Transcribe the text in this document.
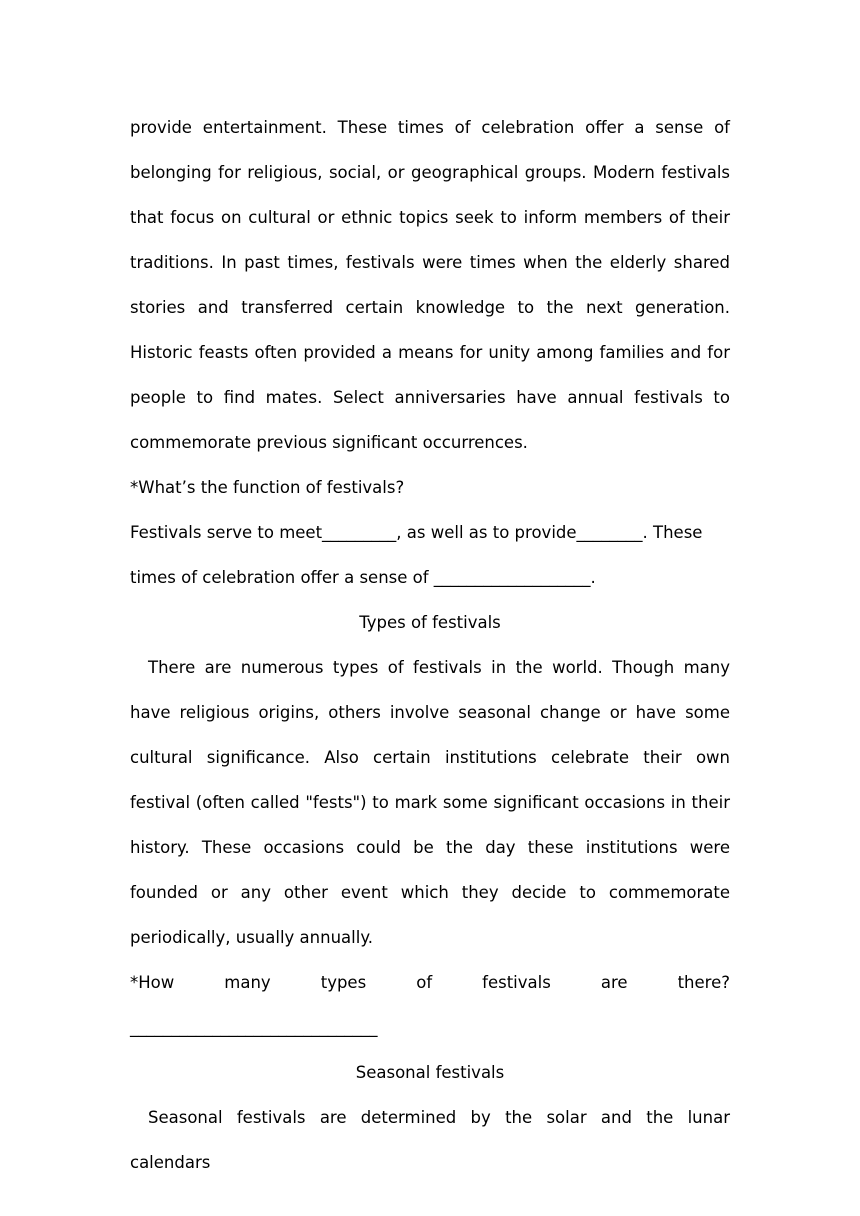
provide entertainment. These times of celebration offer a sense of belonging for religious, social, or geographical groups. Modern festivals that focus on cultural or ethnic topics seek to inform members of their traditions. In past times, festivals were times when the elderly shared stories and transferred certain knowledge to the next generation. Historic feasts often provided a means for unity among families and for people to find mates. Select anniversaries have annual festivals to commemorate previous significant occurrences.

*What’s the function of festivals?

Festivals serve to meet_________, as well as to provide________. These times of celebration offer a sense of ___________________.

Types of festivals

There are numerous types of festivals in the world. Though many have religious origins, others involve seasonal change or have some cultural significance. Also certain institutions celebrate their own festival (often called "fests") to mark some significant occasions in their history. These occasions could be the day these institutions were founded or any other event which they decide to commemorate periodically, usually annually.

*How many types of festivals are there?

______________________________

Seasonal festivals

Seasonal festivals are determined by the solar and the lunar calendars
